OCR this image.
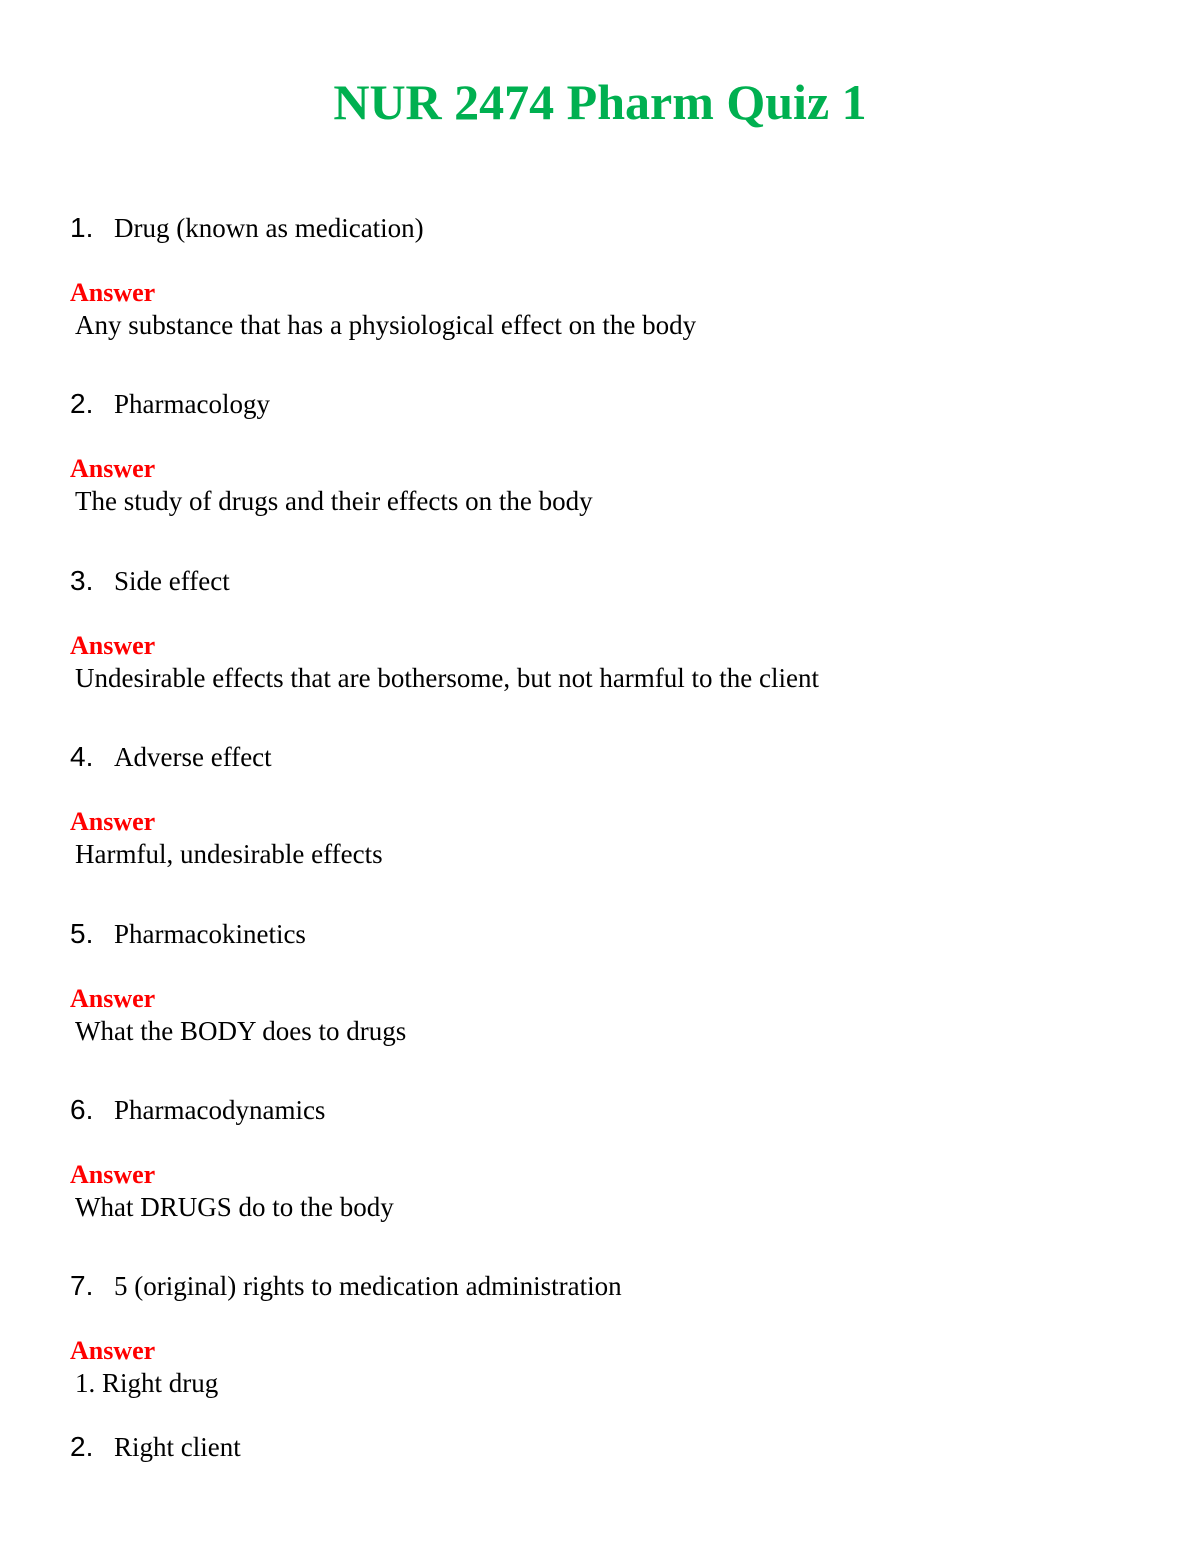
NUR 2474 Pharm Quiz 1
1. Drug (known as medication)
Answer
Any substance that has a physiological effect on the body
2. Pharmacology
Answer
The study of drugs and their effects on the body
3. Side effect
Answer
Undesirable effects that are bothersome, but not harmful to the client
4. Adverse effect
Answer
Harmful, undesirable effects
5. Pharmacokinetics
Answer
What the BODY does to drugs
6. Pharmacodynamics
Answer
What DRUGS do to the body
7. 5 (original) rights to medication administration
Answer
1. Right drug
2. Right client
